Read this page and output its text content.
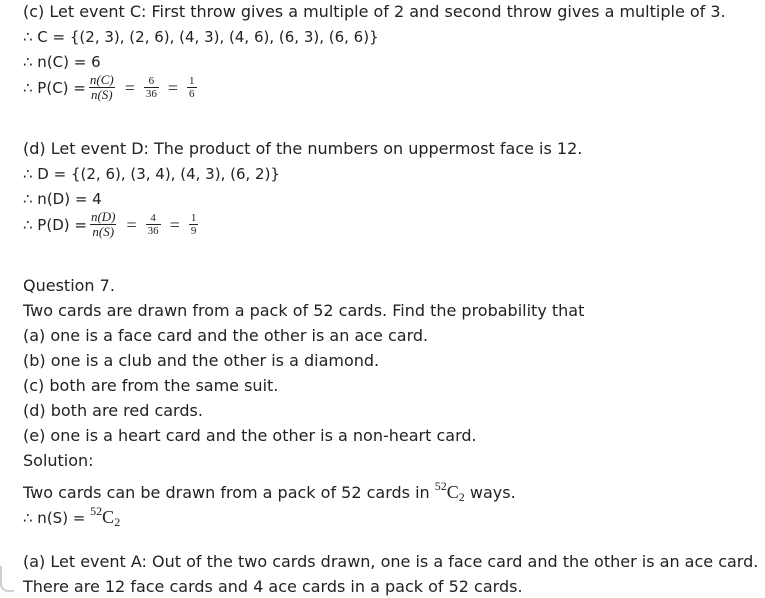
(c) Let event C: First throw gives a multiple of 2 and second throw gives a multiple of 3.
∴ C = {(2, 3), (2, 6), (4, 3), (4, 6), (6, 3), (6, 6)}
∴ n(C) = 6
∴ $P(C) = \frac{n(C)}{n(S)} = \frac{6}{36} = \frac{1}{6}$
(d) Let event D: The product of the numbers on uppermost face is 12.
∴ D = {(2, 6), (3, 4), (4, 3), (6, 2)}
∴ n(D) = 4
∴ $P(D) = \frac{n(D)}{n(S)} = \frac{4}{36} = \frac{1}{9}$
Question 7.
Two cards are drawn from a pack of 52 cards. Find the probability that
(a) one is a face card and the other is an ace card.
(b) one is a club and the other is a diamond.
(c) both are from the same suit.
(d) both are red cards.
(e) one is a heart card and the other is a non-heart card.
Solution:
Two cards can be drawn from a pack of 52 cards in $^{52}C_2$ ways.
∴ $n(S) = ^{52}C_2$
(a) Let event A: Out of the two cards drawn, one is a face card and the other is an ace card.
There are 12 face cards and 4 ace cards in a pack of 52 cards.
